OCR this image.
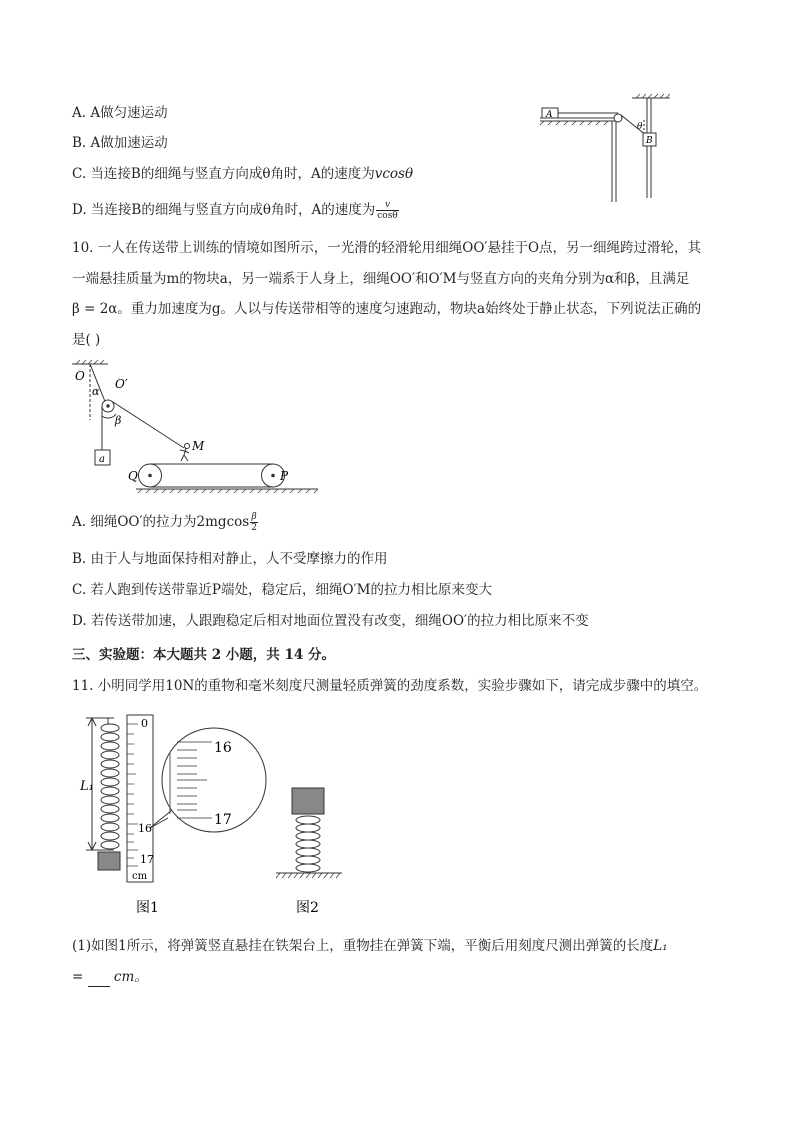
A. A做匀速运动
B. A做加速运动
C. 当连接B的细绳与竖直方向成θ角时，A的速度为vcosθ
D. 当连接B的细绳与竖直方向成θ角时，A的速度为 $\frac{v}{\cos\theta}$
A
B
θ
10. 一人在传送带上训练的情境如图所示，一光滑的轻滑轮用细绳OO′悬挂于O点，另一细绳跨过滑轮，其
一端悬挂质量为m的物块a，另一端系于人身上，细绳OO′和O′M与竖直方向的夹角分别为α和β，且满足
β = 2α。重力加速度为g。人以与传送带相等的速度匀速跑动，物块a始终处于静止状态，下列说法正确的
是( )
O
O′
α
β
a
M
Q	P
A. 细绳OO′的拉力为$2mgcos \frac{\beta}{2}$
B. 由于人与地面保持相对静止，人不受摩擦力的作用
C. 若人跑到传送带靠近P端处，稳定后，细绳O′M的拉力相比原来变大
D. 若传送带加速，人跟跑稳定后相对地面位置没有改变，细绳OO′的拉力相比原来不变
三、实验题：本大题共 2 小题，共 14 分。
11. 小明同学用10N的重物和毫米刻度尺测量轻质弹簧的劲度系数，实验步骤如下，请完成步骤中的填空。
L₁
0
16
17
cm
16
17
图1	图2
(1)如图1所示，将弹簧竖直悬挂在铁架台上，重物挂在弹簧下端，平衡后用刻度尺测出弹簧的长度L₁
= cm。
